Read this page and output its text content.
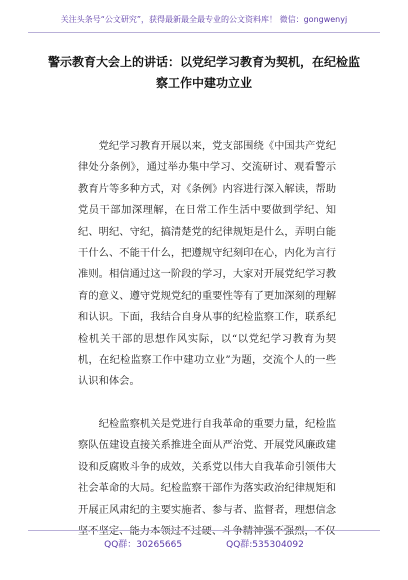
关注头条号“公文研究”，获得最新最全最专业的公文资料库！ 微信：gongwenyj
警示教育大会上的讲话：以党纪学习教育为契机，在纪检监察工作中建功立业

党纪学习教育开展以来，党支部围绕《中国共产党纪律处分条例》，通过举办集中学习、交流研讨、观看警示教育片等多种方式，对《条例》内容进行深入解读，帮助党员干部加深理解，在日常工作生活中要做到学纪、知纪、明纪、守纪，搞清楚党的纪律规矩是什么，弄明白能干什么、不能干什么，把遵规守纪刻印在心，内化为言行准则。相信通过这一阶段的学习，大家对开展党纪学习教育的意义、遵守党规党纪的重要性等有了更加深刻的理解和认识。下面，我结合自身从事的纪检监察工作，联系纪检机关干部的思想作风实际，以“以党纪学习教育为契机，在纪检监察工作中建功立业”为题，交流个人的一些认识和体会。

纪检监察机关是党进行自我革命的重要力量，纪检监察队伍建设直接关系推进全面从严治党、开展党风廉政建设和反腐败斗争的成效，关系党以伟大自我革命引领伟大社会革命的大局。纪检监察干部作为落实政治纪律规矩和开展正风肃纪的主要实施者、参与者、监督者，理想信念坚不坚定、能力本领过不过硬、斗争精神强不强烈，不仅

QQ群：30265665	QQ群:535304092
